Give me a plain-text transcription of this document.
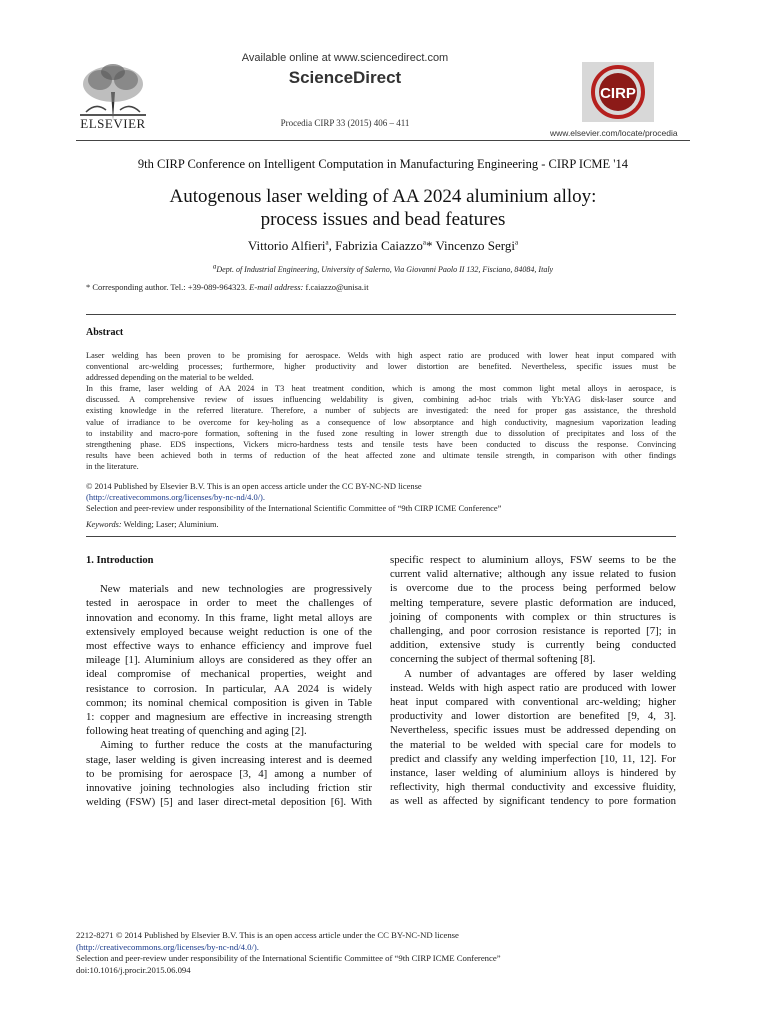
ELSEVIER
Available online at www.sciencedirect.com
ScienceDirect
Procedia CIRP 33 (2015) 406 – 411
CIRP
www.elsevier.com/locate/procedia
9th CIRP Conference on Intelligent Computation in Manufacturing Engineering - CIRP ICME '14
Autogenous laser welding of AA 2024 aluminium alloy:
process issues and bead features
Vittorio Alfieri$^a$, Fabrizia Caiazzo$^a$* Vincenzo Sergi$^a$
$^a$Dept. of Industrial Engineering, University of Salerno, Via Giovanni Paolo II 132, Fisciano, 84084, Italy
* Corresponding author. Tel.: +39-089-964323. E-mail address: f.caiazzo@unisa.it
Abstract

Laser welding has been proven to be promising for aerospace. Welds with high aspect ratio are produced with lower heat input compared with
conventional arc-welding processes; furthermore, higher productivity and lower distortion are benefited. Nevertheless, specific issues must be
addressed depending on the material to be welded.

In this frame, laser welding of AA 2024 in T3 heat treatment condition, which is among the most common light metal alloys in aerospace, is
discussed. A comprehensive review of issues influencing weldability is given, combining ad-hoc trials with Yb:YAG disk-laser source and
existing knowledge in the referred literature. Therefore, a number of subjects are investigated: the need for proper gas assistance, the threshold
value of irradiance to be overcome for key-holing as a consequence of low absorptance and high conductivity, magnesium vaporization leading
to instability and macro-pore formation, softening in the fused zone resulting in lower strength due to dissolution of precipitates and loss of the
strengthening phase. EDS inspections, Vickers micro-hardness tests and tensile tests have been conducted to discuss the response. Convincing
results have been achieved both in terms of reduction of the heat affected zone and ultimate tensile strength, in comparison with other findings
in the literature.

© 2014 Published by Elsevier B.V. This is an open access article under the CC BY-NC-ND license
(http://creativecommons.org/licenses/by-nc-nd/4.0/).
Selection and peer-review under responsibility of the International Scientific Committee of “9th CIRP ICME Conference”
Keywords: Welding; Laser; Aluminium.
1. Introduction
New materials and new technologies are progressively
tested in aerospace in order to meet the challenges of
innovation and economy. In this frame, light metal alloys are
extensively employed because weight reduction is one of the
most effective ways to enhance efficiency and improve fuel
mileage [1]. Aluminium alloys are considered as they offer an
ideal compromise of mechanical properties, weight and
resistance to corrosion. In particular, AA 2024 is widely
common; its nominal chemical composition is given in Table
1: copper and magnesium are effective in increasing strength
following heat treating of quenching and aging [2].
Aiming to further reduce the costs at the manufacturing
stage, laser welding is given increasing interest and is deemed
to be promising for aerospace [3, 4] among a number of
innovative joining technologies also including friction stir
welding (FSW) [5] and laser direct-metal deposition [6]. With
specific respect to aluminium alloys, FSW seems to be the
current valid alternative; although any issue related to fusion
is overcome due to the process being performed below
melting temperature, severe plastic deformation are induced,
joining of components with complex or thin structures is
challenging, and poor corrosion resistance is reported [7]; in
addition, extensive study is currently being conducted
concerning the subject of thermal softening [8].
A number of advantages are offered by laser welding
instead. Welds with high aspect ratio are produced with lower
heat input compared with conventional arc-welding; higher
productivity and lower distortion are benefited [9, 4, 3].
Nevertheless, specific issues must be addressed depending on
the material to be welded with special care for models to
predict and classify any welding imperfection [10, 11, 12]. For
instance, laser welding of aluminium alloys is hindered by
reflectivity, high thermal conductivity and excessive fluidity,
as well as affected by significant tendency to pore formation
2212-8271 © 2014 Published by Elsevier B.V. This is an open access article under the CC BY-NC-ND license
(http://creativecommons.org/licenses/by-nc-nd/4.0/).
Selection and peer-review under responsibility of the International Scientific Committee of “9th CIRP ICME Conference”
doi:10.1016/j.procir.2015.06.094
